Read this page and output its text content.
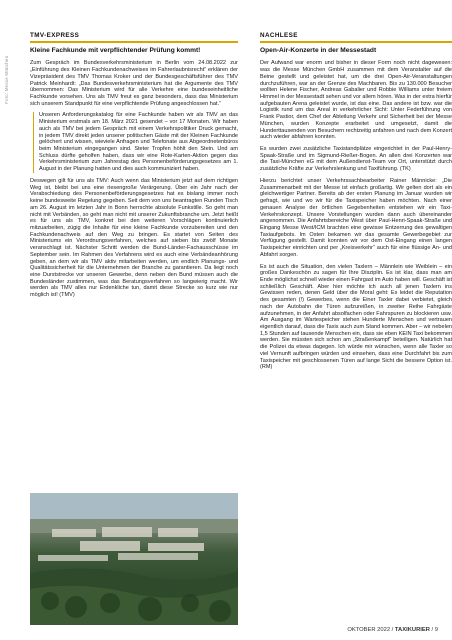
Foto: Messe München
TMV-EXPRESS
Kleine Fachkunde mit verpflichtender Prüfung kommt!

Zum Gespräch im Bundesverkehrsministerium in Berlin vom 24.08.2022 zur „Einführung des Kleinen Fachkundenachweises im Fahrerlaubnisrecht“ erklären der Vizepräsident des TMV Thomas Kroker und der Bundesgeschäftsführer des TMV Patrick Meinhardt: „Das Bundesverkehrsministerium hat die Argumente des TMV übernommen: Das Ministerium wird für alle Verkehre eine bundeseinheitliche Fachkunde vorsehen. Uns als TMV freut es ganz besonders, dass das Ministerium sich unserem Standpunkt für eine verpflichtende Prüfung angeschlossen hat.“

Unseren Anforderungskatalog für eine Fachkunde haben wir als TMV an das Ministerium erstmals am 18. März 2021 gesendet – vor 17 Monaten. Wir haben auch als TMV bei jedem Gespräch mit einem Verkehrspolitiker Druck gemacht, in jedem TMV direkt jeden unserer politischen Gäste mit der Kleinen Fachkunde gelöchert und wissen, wieviele Anfragen und Telefonate aus Abgeordnetenbüros beim Ministerium eingegangen sind. Steter Tropfen höhlt den Stein. Und am Schluss dürfte geholfen haben, dass wir eine Rote-Karten-Aktion gegen das Verkehrsministerium zum Jahrestag des Personenbeförderungsgesetzes am 1. August in der Planung hatten und dies auch kommuniziert haben.

Deswegen gilt für uns als TMV: Auch wenn das Ministerium jetzt auf dem richtigen Weg ist, bleibt bei uns eine riesengroße Verärgerung. Über ein Jahr nach der Verabschiedung des Personenbeförderungsgesetzes hat es bislang immer noch keine bundesweite Regelung gegeben. Seit dem von uns beantragten Runden Tisch am 26. August im letzten Jahr in Bonn herrschte absolute Funkstille. So geht man nicht mit Verbänden, so geht man nicht mit unserer Zukunftsbranche um. Jetzt heißt es für uns als TMV, konkret bei den weiteren Vorschlägen kontinuierlich mitzuarbeiten, zügig die Inhalte für eine kleine Fachkunde vorzubereiten und den Fachkundenachweis auf den Weg zu bringen. Es startet von Seiten des Ministeriums ein Verordnungsverfahren, welches auf sieben bis zwölf Monate veranschlagt ist. Nächster Schritt werden die Bund-Länder-Fachausschüsse im September sein. Im Rahmen des Verfahrens wird es auch eine Verbändeanhörung geben, an dem wir als TMV aktiv mitarbeiten werden, um endlich Planungs- und Qualitätssicherheit für die Unternehmen der Branche zu garantieren. Da liegt noch eine Durststrecke vor unseren Gewerbe, denn neben den Bund müssen auch die Bundesländer zustimmen, was das Beratungsverfahren so langwierig macht. Wir werden als TMV alles nur Erdenkliche tun, damit diese Strecke so kurz wie nur möglich ist! (TMV)

NACHLESE
Open-Air-Konzerte in der Messestadt

Der Aufwand war enorm und bisher in dieser Form noch nicht dagewesen: was die Messe München GmbH zusammen mit dem Veranstalter auf die Beine gestellt und geleistet hat, um die drei Open-Air-Veranstaltungen durchzuführen, war an der Grenze des Machbaren. Bis zu 130.000 Besucher wollten Helene Fischer, Andreas Gabalier und Robbie Williams unter freiem Himmel in der Messestadt sehen und vor allem hören. Was in der extra hierfür aufgebauten Arena geleistet wurde, ist das eine. Das andere ist bzw. war die Logistik rund um das Areal in verkehrlicher Sicht: Unter Federführung von Frank Pastior, dem Chef der Abteilung Verkehr und Sicherheit bei der Messe München, wurden Konzepte erarbeitet und umgesetzt, damit die Hunderttausenden von Besuchern rechtzeitig anfahren und nach dem Konzert auch wieder abfahren konnten.

Es wurden zwei zusätzliche Taxistandplätze eingerichtet in der Paul-Henry-Spaak-Straße und im Sigmund-Rießer-Bogen. An allen drei Konzerten war die Taxi-München eG mit dem Außendienst-Team vor Ort, unterstützt durch zusätzliche Kräfte zur Verkehrslenkung und Taxiführung. (TK)

Hierzu berichtet unser Verkehrssachbearbeiter Rainer Männicke: „Die Zusammenarbeit mit der Messe ist einfach großartig. Wir gelten dort als ein gleichwertiger Partner. Bereits ab der ersten Planung im Januar wurden wir gefragt, wie und wo wir für die Taxispeicher haben möchten. Nach einer genauen Analyse der örtlichen Gegebenheiten entstehen wir ein Taxi-Verkehrskonzept. Unsere Vorstellungen wurden dann auch übereinander angenommen. Die Anfahrtsbereiche West über Paul-Henri-Spaak-Straße und Eingang Messe West/ICM brachten eine gewisse Entzerrung des gewaltigen Taxiaufgebots. Im Osten bekamen wir das gesamte Gewerbegebiet zur Verfügung gestellt. Damit konnten wir vor dem Ost-Eingang einen langen Taxispeicher einrichten und per „Kreisverkehr“ auch für eine flüssige An- und Abfahrt sorgen.

Es ist auch die Situation, den vielen Taxlern – Männlein wie Weiblein – ein großes Dankeschön zu sagen für Ihre Disziplin. Es ist klar, dass man am Ende möglichst schnell wieder einen Fahrgast im Auto haben will. Geschäft ist schließlich Geschäft. Aber hier möchte ich auch all jenen Taxlern ins Gewissen reden, denen Geld über die Moral geht: Es leidet die Reputation des gesamten (!) Gewerbes, wenn die Einer Taxler dabei verbietet, gleich nach der Autobahn die Türen aufzureißen, in zweiter Reihe Fahrgäste aufzunehmen, in der Anfahrt absolfachen oder Fahrspuren zu blockieren usw. Am Ausgang im Wartespeicher stehen Hunderte Menschen und vertrauen eigentlich darauf, dass die Taxis auch zum Stand kommen. Aber – wir nebelen 1,5 Stunden auf tausende Menschen ein, dass sie eben KEIN Taxi bekommen werden. Sie müssten sich schon am „Straßenkampf“ beteiligen. Natürlich hat die Polizei da etwas dagegen. Ich würde mir wünschen, wenn alle Taxler so viel Vernunft aufbringen würden und einsehen, dass eine Durchfahrt bis zum Taxispeicher mit geschlossenen Türen auf lange Sicht die bessere Option ist. (RM)

OKTOBER 2022 / TAXIKURIER / 9
